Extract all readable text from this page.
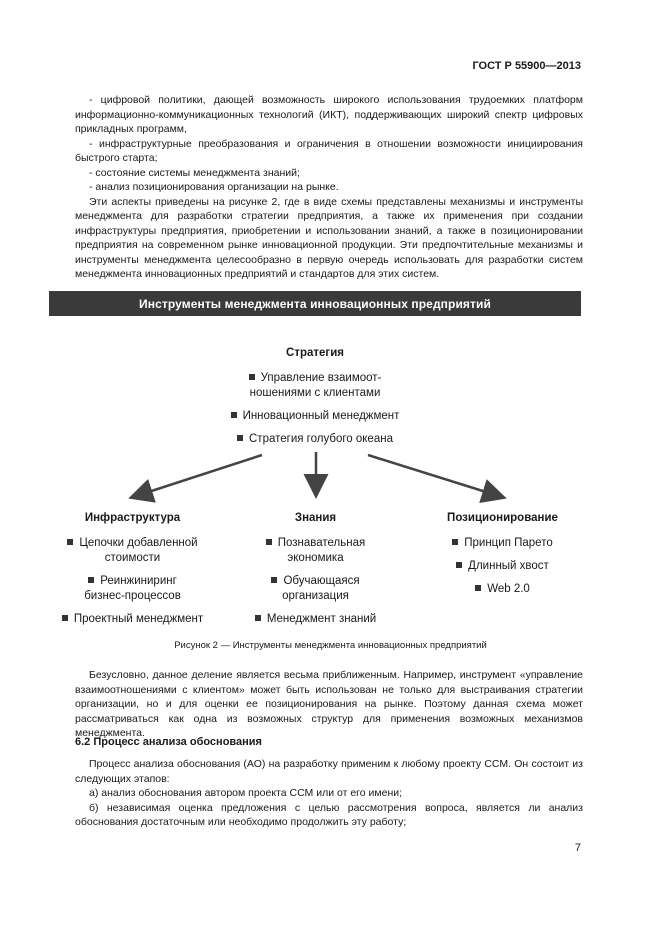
ГОСТ Р 55900—2013

- цифровой политики, дающей возможность широкого использования трудоемких платформ информационно-коммуникационных технологий (ИКТ), поддерживающих широкий спектр цифровых прикладных программ,

- инфраструктурные преобразования и ограничения в отношении возможности инициирования быстрого старта;

- состояние системы менеджмента знаний;

- анализ позиционирования организации на рынке.

Эти аспекты приведены на рисунке 2, где в виде схемы представлены механизмы и инструменты менеджмента для разработки стратегии предприятия, а также их применения при создании инфраструктуры предприятия, приобретении и использовании знаний, а также в позиционировании предприятия на современном рынке инновационной продукции. Эти предпочтительные механизмы и инструменты менеджмента целесообразно в первую очередь использовать для разработки систем менеджмента инновационных предприятий и стандартов для этих систем.

Инструменты менеджмента инновационных предприятий
Стратегия
Управление взаимоот-
ношениями с клиентами
Инновационный менеджмент
Стратегия голубого океана
Инфраструктура
Цепочки добавленной
стоимости
Реинжиниринг
бизнес-процессов
Проектный менеджмент
Знания
Познавательная
экономика
Обучающаяся
организация
Менеджмент знаний
Позиционирование
Принцип Парето
Длинный хвост
Web 2.0
Рисунок 2 — Инструменты менеджмента инновационных предприятий

Безусловно, данное деление является весьма приближенным. Например, инструмент «управление взаимоотношениями с клиентом» может быть использован не только для выстраивания стратегии организации, но и для оценки ее позиционирования на рынке. Поэтому данная схема может рассматриваться как одна из возможных структур для применения возможных механизмов менеджмента.

6.2 Процесс анализа обоснования

Процесс анализа обоснования (АО) на разработку применим к любому проекту ССМ. Он состоит из следующих этапов:

а) анализ обоснования автором проекта ССМ или от его имени;

б) независимая оценка предложения с целью рассмотрения вопроса, является ли анализ обоснования достаточным или необходимо продолжить эту работу;

7
